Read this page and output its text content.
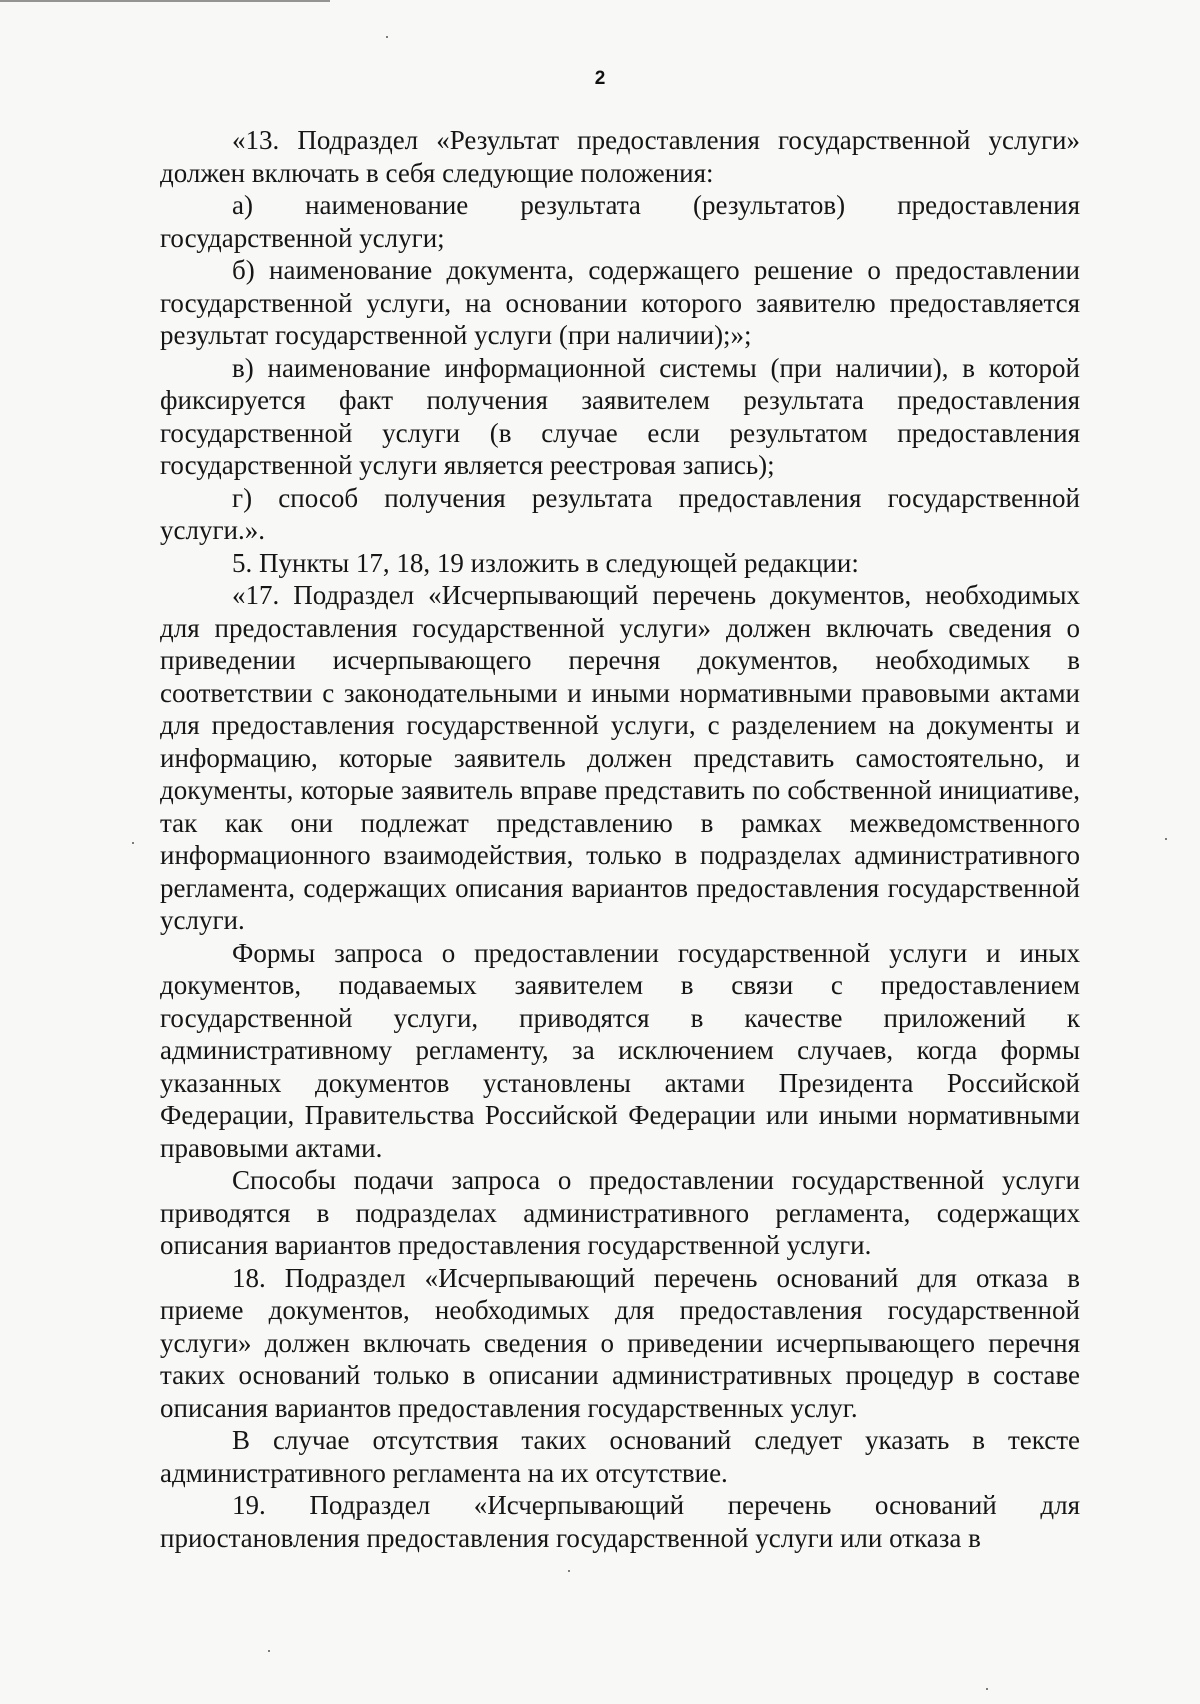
2

«13. Подраздел «Результат предоставления государственной услуги» должен включать в себя следующие положения:

а) наименование результата (результатов) предоставления государственной услуги;

б) наименование документа, содержащего решение о предоставлении государственной услуги, на основании которого заявителю предоставляется результат государственной услуги (при наличии);»;

в) наименование информационной системы (при наличии), в которой фиксируется факт получения заявителем результата предоставления государственной услуги (в случае если результатом предоставления государственной услуги является реестровая запись);

г) способ получения результата предоставления государственной услуги.».

5. Пункты 17, 18, 19 изложить в следующей редакции:

«17. Подраздел «Исчерпывающий перечень документов, необходимых для предоставления государственной услуги» должен включать сведения о приведении исчерпывающего перечня документов, необходимых в соответствии с законодательными и иными нормативными правовыми актами для предоставления государственной услуги, с разделением на документы и информацию, которые заявитель должен представить самостоятельно, и документы, которые заявитель вправе представить по собственной инициативе, так как они подлежат представлению в рамках межведомственного информационного взаимодействия, только в подразделах административного регламента, содержащих описания вариантов предоставления государственной услуги.

Формы запроса о предоставлении государственной услуги и иных документов, подаваемых заявителем в связи с предоставлением государственной услуги, приводятся в качестве приложений к административному регламенту, за исключением случаев, когда формы указанных документов установлены актами Президента Российской Федерации, Правительства Российской Федерации или иными нормативными правовыми актами.

Способы подачи запроса о предоставлении государственной услуги приводятся в подразделах административного регламента, содержащих описания вариантов предоставления государственной услуги.

18. Подраздел «Исчерпывающий перечень оснований для отказа в приеме документов, необходимых для предоставления государственной услуги» должен включать сведения о приведении исчерпывающего перечня таких оснований только в описании административных процедур в составе описания вариантов предоставления государственных услуг.

В случае отсутствия таких оснований следует указать в тексте административного регламента на их отсутствие.

19. Подраздел «Исчерпывающий перечень оснований для приостановления предоставления государственной услуги или отказа в
